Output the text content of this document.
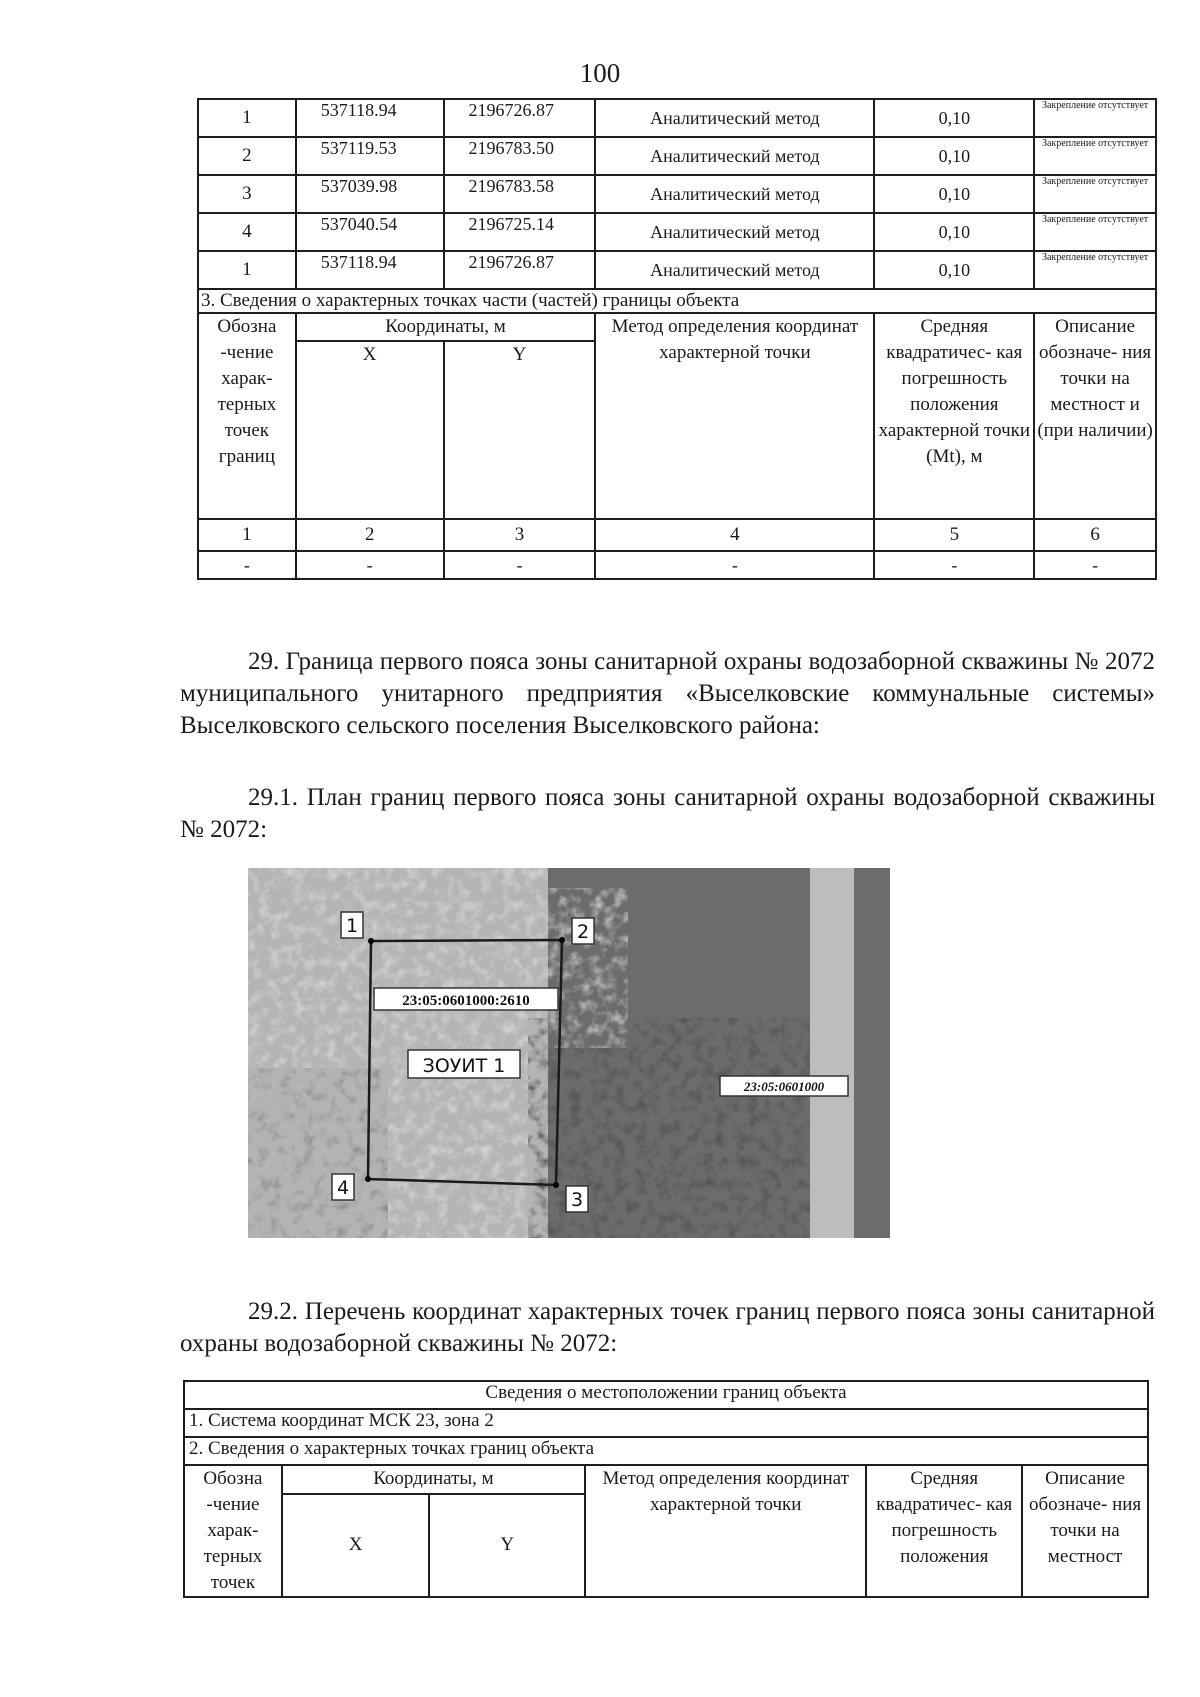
100
1	537118.94	2196726.87	Аналитический метод	0,10	Закрепление отсутствует
2	537119.53	2196783.50	Аналитический метод	0,10	Закрепление отсутствует
3	537039.98	2196783.58	Аналитический метод	0,10	Закрепление отсутствует
4	537040.54	2196725.14	Аналитический метод	0,10	Закрепление отсутствует
1	537118.94	2196726.87	Аналитический метод	0,10	Закрепление отсутствует
3. Сведения о характерных точках части (частей) границы объекта					
Обозна -чение харак- терных точек границ	Координаты, м		Метод определения координат характерной точки	Средняя квадратичес- кая погрешность положения характерной точки (Mt), м	Описание обозначе- ния точки на местност и (при наличии)
	X	Y			
1	2	3	4	5	6
-	-	-	-	-	-
29. Граница первого пояса зоны санитарной охраны водозаборной скважины № 2072 муниципального унитарного предприятия «Выселковские коммунальные системы» Выселковского сельского поселения Выселковского района:
29.1. План границ первого пояса зоны санитарной охраны водозаборной скважины № 2072:
1	2
3
4
23:05:0601000:2610
ЗОУИТ 1
23:05:0601000
29.2. Перечень координат характерных точек границ первого пояса зоны санитарной охраны водозаборной скважины № 2072:
Сведения о местоположении границ объекта					
1. Система координат МСК 23, зона 2					
2. Сведения о характерных точках границ объекта					
Обозна -чение харак- терных точек	Координаты, м		Метод определения координат характерной точки	Средняя квадратичес- кая погрешность положения	Описание обозначе- ния точки на местност
	X	Y			
